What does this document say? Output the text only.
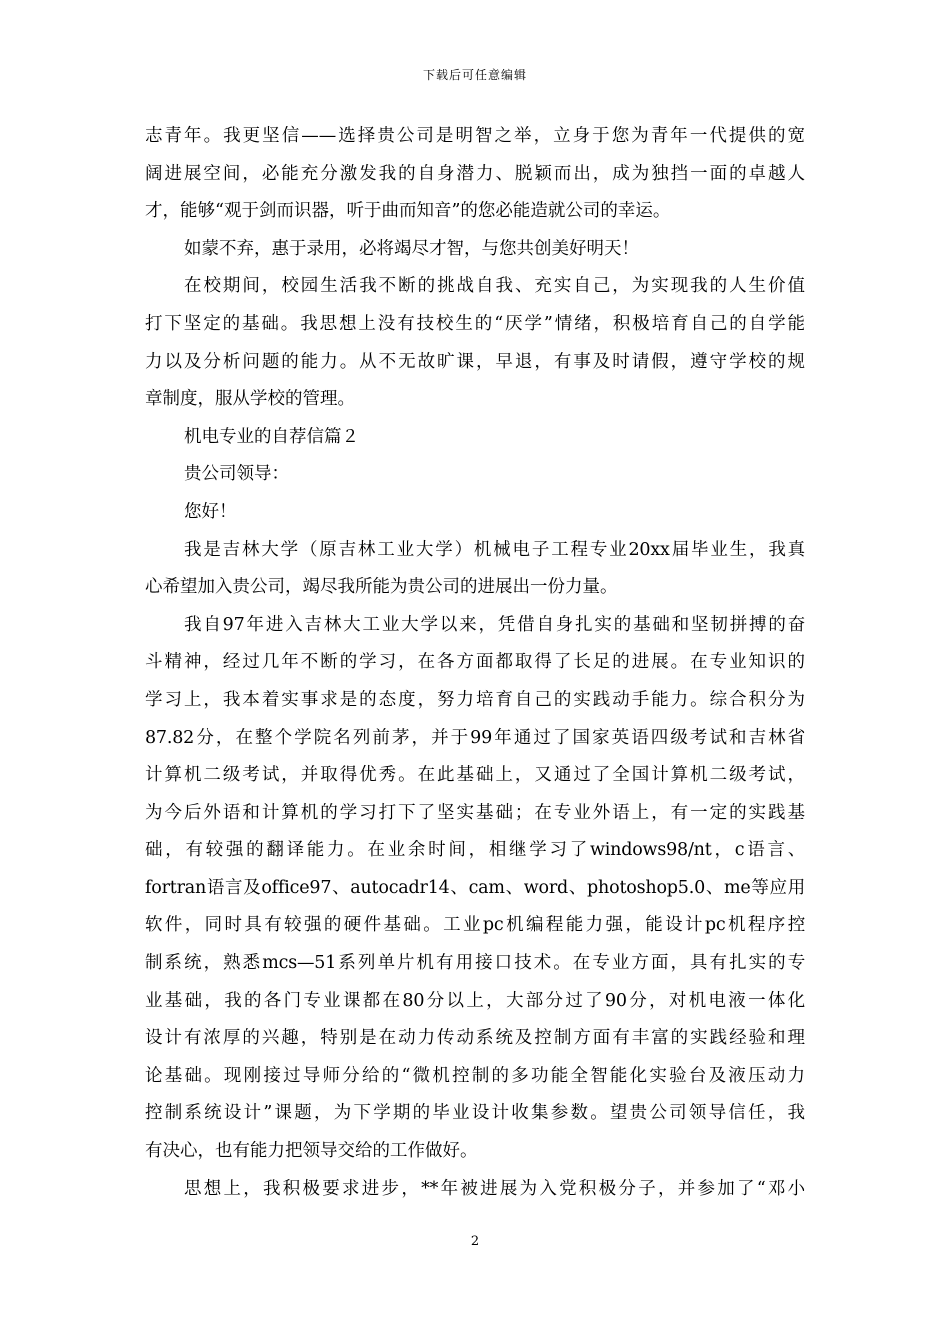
下载后可任意编辑
志青年。我更坚信——选择贵公司是明智之举，立身于您为青年一代提供的宽
阔进展空间，必能充分激发我的自身潜力、脱颖而出，成为独挡一面的卓越人
才，能够“观于剑而识器，听于曲而知音”的您必能造就公司的幸运。
如蒙不弃，惠于录用，必将竭尽才智，与您共创美好明天！
在校期间，校园生活我不断的挑战自我、充实自己，为实现我的人生价值
打下坚定的基础。我思想上没有技校生的“厌学”情绪，积极培育自己的自学能
力以及分析问题的能力。从不无故旷课，早退，有事及时请假，遵守学校的规
章制度，服从学校的管理。
机电专业的自荐信篇２
贵公司领导：
您好！
我是吉林大学（原吉林工业大学）机械电子工程专业20xx届毕业生，我真
心希望加入贵公司，竭尽我所能为贵公司的进展出一份力量。
我自97年进入吉林大工业大学以来，凭借自身扎实的基础和坚韧拼搏的奋
斗精神，经过几年不断的学习，在各方面都取得了长足的进展。在专业知识的
学习上，我本着实事求是的态度，努力培育自己的实践动手能力。综合积分为
87.82分，在整个学院名列前茅，并于99年通过了国家英语四级考试和吉林省
计算机二级考试，并取得优秀。在此基础上，又通过了全国计算机二级考试，
为今后外语和计算机的学习打下了坚实基础；在专业外语上，有一定的实践基
础，有较强的翻译能力。在业余时间，相继学习了windows98/nt，c语言、
fortran语言及office97、autocadr14、cam、word、photoshop5.0、me等应用
软件，同时具有较强的硬件基础。工业pc机编程能力强，能设计pc机程序控
制系统，熟悉mcs—51系列单片机有用接口技术。在专业方面，具有扎实的专
业基础，我的各门专业课都在80分以上，大部分过了90分，对机电液一体化
设计有浓厚的兴趣，特别是在动力传动系统及控制方面有丰富的实践经验和理
论基础。现刚接过导师分给的“微机控制的多功能全智能化实验台及液压动力
控制系统设计”课题，为下学期的毕业设计收集参数。望贵公司领导信任，我
有决心，也有能力把领导交给的工作做好。
思想上，我积极要求进步，**年被进展为入党积极分子，并参加了“邓小
2
